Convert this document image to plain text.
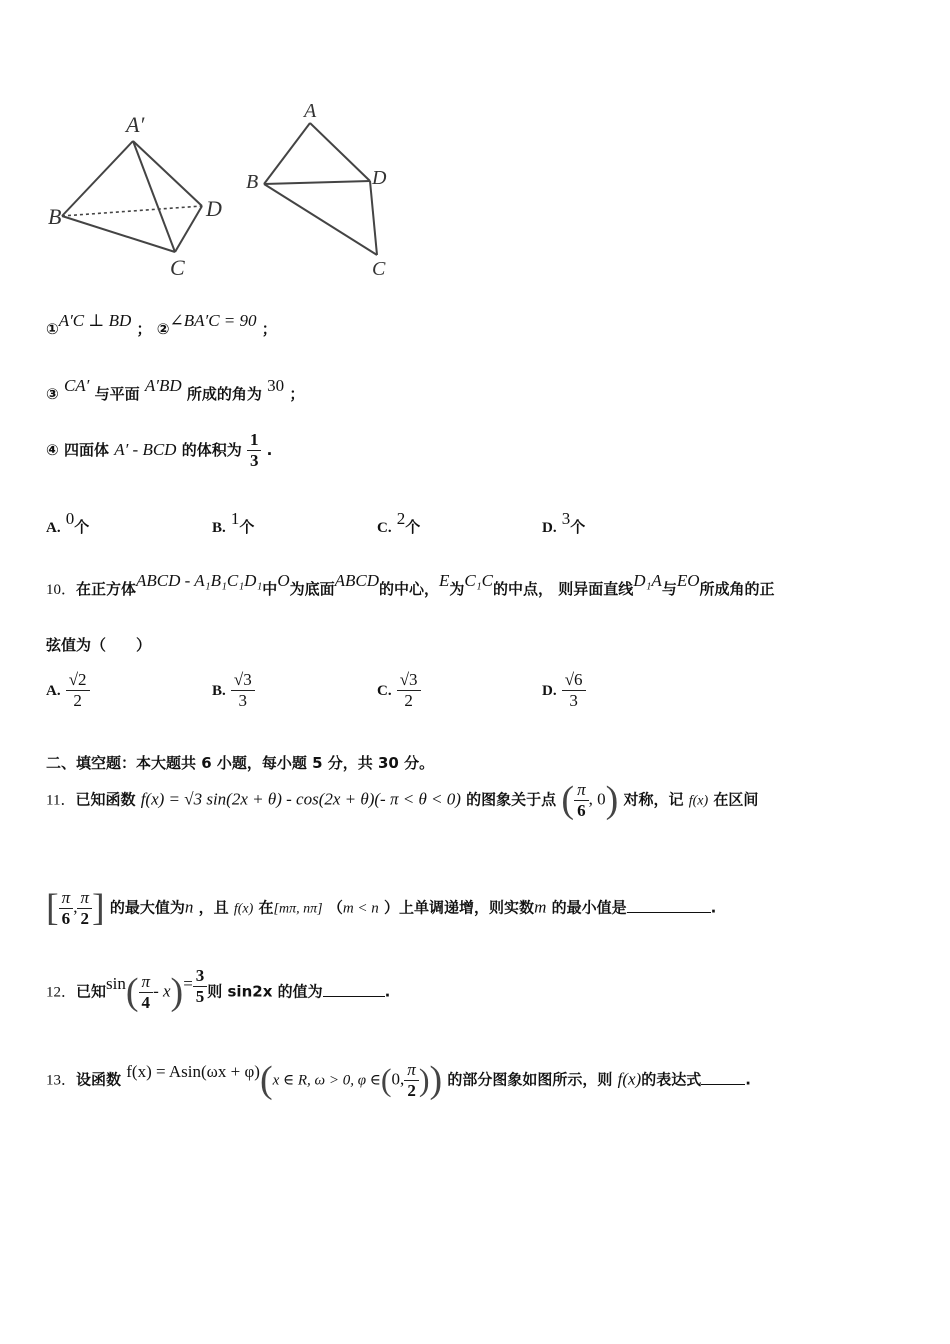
A′
B	D
C
A
B	D
C
①A′C ⊥ BD ； ②∠BA′C = 90 ；
③ CA′ 与平面 A′BD 所成的角为 30 ；
④ 四面体 A′ - BCD 的体积为 $\frac{1}{3}$ .
A. 0个	B. 1个	C. 2个	D. 3个
10．在正方体ABCD - A₁B₁C₁D₁中O为底面ABCD的中心，E为C₁C的中点， 则异面直线D₁A与EO所成角的正
弦值为（　　）
A. $\frac{√2}{2}$	B. $\frac{√3}{3}$	C. $\frac{√3}{2}$	D. $\frac{√6}{3}$
二、填空题：本大题共 6 小题，每小题 5 分，共 30 分。
11．已知函数 f(x) = √3 sin(2x + θ) - cos(2x + θ)(- π < θ < 0) 的图象关于点 ( $\frac{\pi}{6}$ , 0) 对称，记 f(x) 在区间
[ $\frac{\pi}{6}$ , $\frac{\pi}{2}$ ] 的最大值为n ，且 f(x) 在[mπ, nπ] （m < n ）上单调递增，则实数m 的最小值是	.
12．已知$\sin( \frac{\pi}{4} - x)= \frac{3}{5}$ 则 sin2x 的值为	.
13．设函数 f(x) = Asin(ωx + φ)(x ∈ R, ω > 0, φ ∈(0, $\frac{\pi}{2}$ )) 的部分图象如图所示，则 f(x)的表达式	.
